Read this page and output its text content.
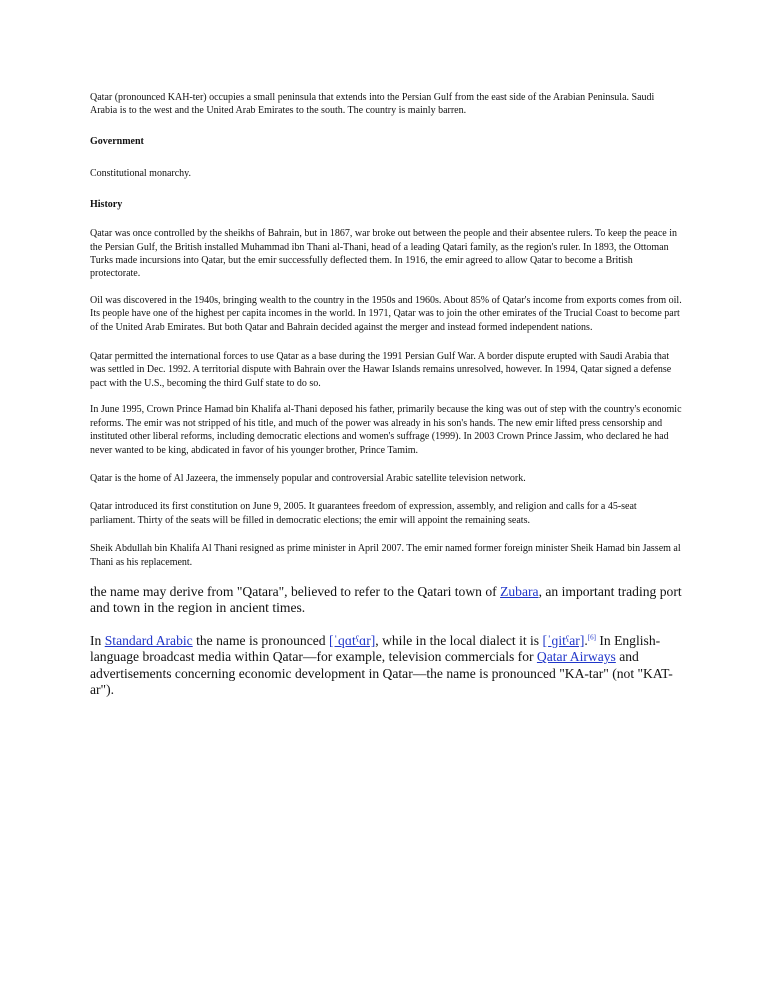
Qatar (pronounced KAH-ter) occupies a small peninsula that extends into the Persian Gulf from the east side of the Arabian Peninsula. Saudi Arabia is to the west and the United Arab Emirates to the south. The country is mainly barren.

Government

Constitutional monarchy.

History

Qatar was once controlled by the sheikhs of Bahrain, but in 1867, war broke out between the people and their absentee rulers. To keep the peace in the Persian Gulf, the British installed Muhammad ibn Thani al-Thani, head of a leading Qatari family, as the region's ruler. In 1893, the Ottoman Turks made incursions into Qatar, but the emir successfully deflected them. In 1916, the emir agreed to allow Qatar to become a British protectorate.

Oil was discovered in the 1940s, bringing wealth to the country in the 1950s and 1960s. About 85% of Qatar's income from exports comes from oil. Its people have one of the highest per capita incomes in the world. In 1971, Qatar was to join the other emirates of the Trucial Coast to become part of the United Arab Emirates. But both Qatar and Bahrain decided against the merger and instead formed independent nations.

Qatar permitted the international forces to use Qatar as a base during the 1991 Persian Gulf War. A border dispute erupted with Saudi Arabia that was settled in Dec. 1992. A territorial dispute with Bahrain over the Hawar Islands remains unresolved, however. In 1994, Qatar signed a defense pact with the U.S., becoming the third Gulf state to do so.

In June 1995, Crown Prince Hamad bin Khalifa al-Thani deposed his father, primarily because the king was out of step with the country's economic reforms. The emir was not stripped of his title, and much of the power was already in his son's hands. The new emir lifted press censorship and instituted other liberal reforms, including democratic elections and women's suffrage (1999). In 2003 Crown Prince Jassim, who declared he had never wanted to be king, abdicated in favor of his younger brother, Prince Tamim.

Qatar is the home of Al Jazeera, the immensely popular and controversial Arabic satellite television network.

Qatar introduced its first constitution on June 9, 2005. It guarantees freedom of expression, assembly, and religion and calls for a 45-seat parliament. Thirty of the seats will be filled in democratic elections; the emir will appoint the remaining seats.

Sheik Abdullah bin Khalifa Al Thani resigned as prime minister in April 2007. The emir named former foreign minister Sheik Hamad bin Jassem al Thani as his replacement.

the name may derive from "Qatara", believed to refer to the Qatari town of Zubara, an important trading port and town in the region in ancient times.

In Standard Arabic the name is pronounced [ˈqɑtˤɑr], while in the local dialect it is [ˈɡitˤar].[6] In English-language broadcast media within Qatar—for example, television commercials for Qatar Airways and advertisements concerning economic development in Qatar—the name is pronounced "KA-tar" (not "KAT-ar").
